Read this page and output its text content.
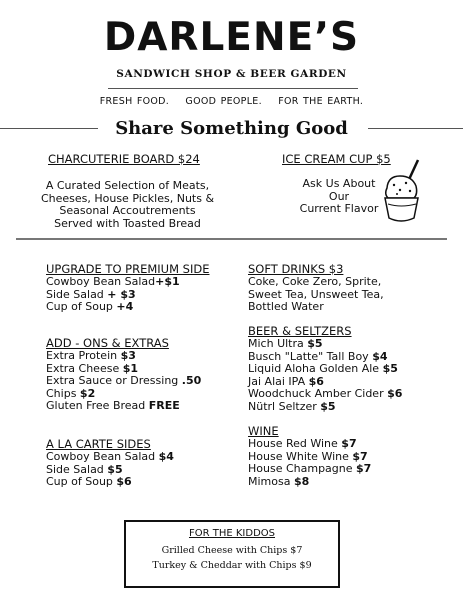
DARLENE’S
SANDWICH SHOP & BEER GARDEN
FRESH FOOD. GOOD PEOPLE. FOR THE EARTH.
Share Something Good
CHARCUTERIE BOARD $24
A Curated Selection of Meats,
Cheeses, House Pickles, Nuts &
Seasonal Accoutrements
Served with Toasted Bread
ICE CREAM CUP $5
Ask Us About
Our
Current Flavor
UPGRADE TO PREMIUM SIDE
Cowboy Bean Salad+$1
Side Salad + $3
Cup of Soup +4
ADD - ONS & EXTRAS
Extra Protein $3
Extra Cheese $1
Extra Sauce or Dressing .50
Chips $2
Gluten Free Bread FREE
A LA CARTE SIDES
Cowboy Bean Salad $4
Side Salad $5
Cup of Soup $6
SOFT DRINKS $3
Coke, Coke Zero, Sprite,
Sweet Tea, Unsweet Tea,
Bottled Water
BEER & SELTZERS
Mich Ultra $5
Busch "Latte" Tall Boy $4
Liquid Aloha Golden Ale $5
Jai Alai IPA $6
Woodchuck Amber Cider $6
Nütrl Seltzer $5
WINE
House Red Wine $7
House White Wine $7
House Champagne $7
Mimosa $8
FOR THE KIDDOS
Grilled Cheese with Chips $7
Turkey & Cheddar with Chips $9
